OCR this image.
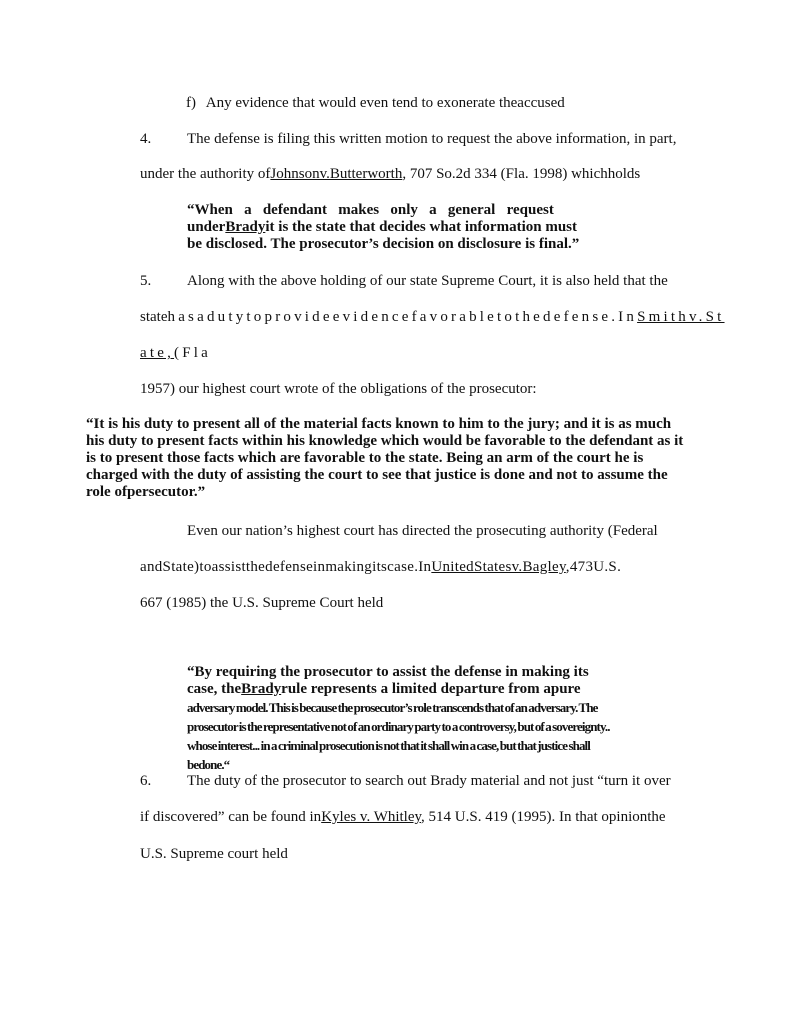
f) Any evidence that would even tend to exonerate theaccused
4. The defense is filing this written motion to request the above information, in part,
under the authority ofJohnsonv.Butterworth, 707 So.2d 334 (Fla. 1998) whichholds
“When   a   defendant   makes   only   a   general   request
underBradyit is the state that decides what information must
be disclosed. The prosecutor’s decision on disclosure is final.”
5. Along with the above holding of our state Supreme Court, it is also held that the
statehasadutytoprovideevidencefavorabletothedefense.InSmithv.St
ate,(Fla
1957) our highest court wrote of the obligations of the prosecutor:
“It is his duty to present all of the material facts known to him to the jury; and it is as much
his duty to present facts within his knowledge which would be favorable to the defendant as it
is to present those facts which are favorable to the state. Being an arm of the court he is
charged with the duty of assisting the court to see that justice is done and not to assume the
role ofpersecutor.”
Even our nation’s highest court has directed the prosecuting authority (Federal
andState)toassistthedefenseinmakingitscase.InUnitedStatesv.Bagley,473U.S.
667 (1985) the U.S. Supreme Court held
“By requiring the prosecutor to assist the defense in making its
case, theBradyrule represents a limited departure from apure
adversary model. This is because the prosecutor’s role transcends that of an adversary. The
prosecutor is the representative not of an ordinary party to a controversy, but of a sovereignty..
whose interest... in a criminal prosecution is not that it shall win a case, but that justice shall
bedone.“
6. The duty of the prosecutor to search out Brady material and not just “turn it over
if discovered” can be found inKyles v. Whitley, 514 U.S. 419 (1995). In that opinionthe
U.S. Supreme court held
